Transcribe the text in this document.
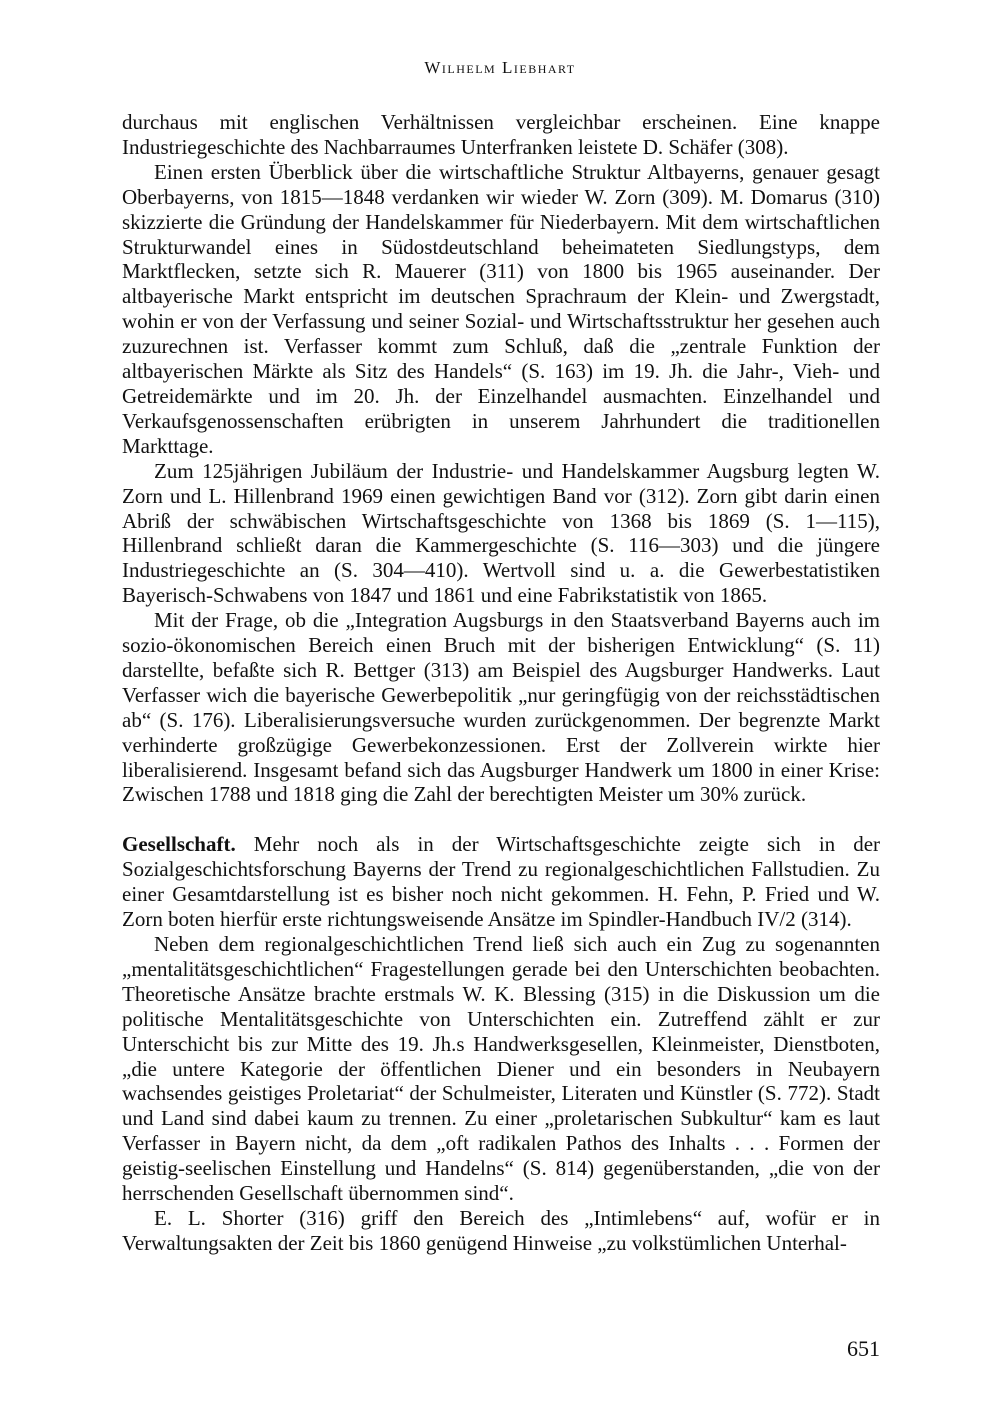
Wilhelm Liebhart

durchaus mit englischen Verhältnissen vergleichbar erscheinen. Eine knappe Industriegeschichte des Nachbarraumes Unterfranken leistete D. Schäfer (308).

Einen ersten Überblick über die wirtschaftliche Struktur Altbayerns, genauer gesagt Oberbayerns, von 1815—1848 verdanken wir wieder W. Zorn (309). M. Domarus (310) skizzierte die Gründung der Handelskammer für Niederbayern. Mit dem wirtschaftlichen Strukturwandel eines in Südostdeutschland beheimateten Siedlungstyps, dem Marktflecken, setzte sich R. Mauerer (311) von 1800 bis 1965 auseinander. Der altbayerische Markt entspricht im deutschen Sprachraum der Klein- und Zwergstadt, wohin er von der Verfassung und seiner Sozial- und Wirtschaftsstruktur her gesehen auch zuzurechnen ist. Verfasser kommt zum Schluß, daß die „zentrale Funktion der altbayerischen Märkte als Sitz des Handels“ (S. 163) im 19. Jh. die Jahr-, Vieh- und Getreidemärkte und im 20. Jh. der Einzelhandel ausmachten. Einzelhandel und Verkaufsgenossenschaften erübrigten in unserem Jahrhundert die traditionellen Markttage.

Zum 125jährigen Jubiläum der Industrie- und Handelskammer Augsburg legten W. Zorn und L. Hillenbrand 1969 einen gewichtigen Band vor (312). Zorn gibt darin einen Abriß der schwäbischen Wirtschaftsgeschichte von 1368 bis 1869 (S. 1—115), Hillenbrand schließt daran die Kammergeschichte (S. 116—303) und die jüngere Industriegeschichte an (S. 304—410). Wertvoll sind u. a. die Gewerbestatistiken Bayerisch-Schwabens von 1847 und 1861 und eine Fabrikstatistik von 1865.

Mit der Frage, ob die „Integration Augsburgs in den Staatsverband Bayerns auch im sozio-ökonomischen Bereich einen Bruch mit der bisherigen Entwicklung“ (S. 11) darstellte, befaßte sich R. Bettger (313) am Beispiel des Augsburger Handwerks. Laut Verfasser wich die bayerische Gewerbepolitik „nur geringfügig von der reichsstädtischen ab“ (S. 176). Liberalisierungsversuche wurden zurückgenommen. Der begrenzte Markt verhinderte großzügige Gewerbekonzessionen. Erst der Zollverein wirkte hier liberalisierend. Insgesamt befand sich das Augsburger Handwerk um 1800 in einer Krise: Zwischen 1788 und 1818 ging die Zahl der berechtigten Meister um 30% zurück.

Gesellschaft. Mehr noch als in der Wirtschaftsgeschichte zeigte sich in der Sozialgeschichtsforschung Bayerns der Trend zu regionalgeschichtlichen Fallstudien. Zu einer Gesamtdarstellung ist es bisher noch nicht gekommen. H. Fehn, P. Fried und W. Zorn boten hierfür erste richtungsweisende Ansätze im Spindler-Handbuch IV/2 (314).

Neben dem regionalgeschichtlichen Trend ließ sich auch ein Zug zu sogenannten „mentalitätsgeschichtlichen“ Fragestellungen gerade bei den Unterschichten beobachten. Theoretische Ansätze brachte erstmals W. K. Blessing (315) in die Diskussion um die politische Mentalitätsgeschichte von Unterschichten ein. Zutreffend zählt er zur Unterschicht bis zur Mitte des 19. Jh.s Handwerksgesellen, Kleinmeister, Dienstboten, „die untere Kategorie der öffentlichen Diener und ein besonders in Neubayern wachsendes geistiges Proletariat“ der Schulmeister, Literaten und Künstler (S. 772). Stadt und Land sind dabei kaum zu trennen. Zu einer „proletarischen Subkultur“ kam es laut Verfasser in Bayern nicht, da dem „oft radikalen Pathos des Inhalts . . . Formen der geistig-seelischen Einstellung und Handelns“ (S. 814) gegenüberstanden, „die von der herrschenden Gesellschaft übernommen sind“.

E. L. Shorter (316) griff den Bereich des „Intimlebens“ auf, wofür er in Verwaltungsakten der Zeit bis 1860 genügend Hinweise „zu volkstümlichen Unterhal-

651
